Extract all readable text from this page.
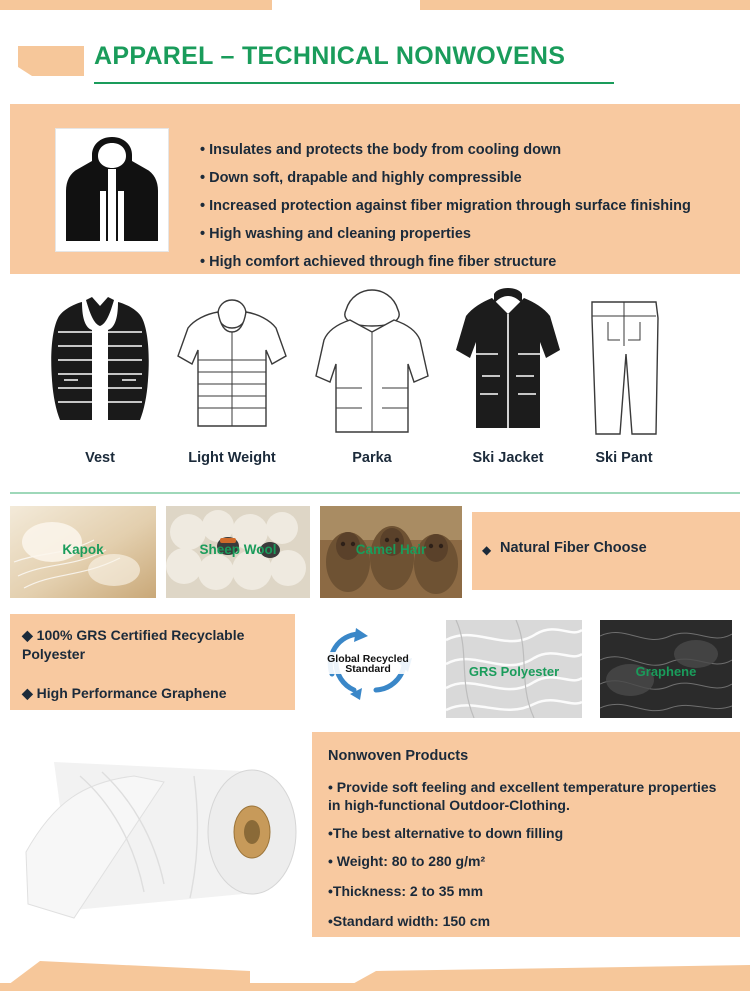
APPAREL – TECHNICAL NONWOVENS
• Insulates and protects the body from cooling down
• Down soft, drapable and highly compressible
• Increased protection against fiber migration through surface finishing
• High washing and cleaning properties
• High comfort achieved through fine fiber structure
Vest	Light Weight	Parka	Ski Jacket	Ski Pant
Kapok	Sheep Wool	Camel Hair	◆ Natural Fiber Choose
◆ 100% GRS Certified Recyclable Polyester
◆ High Performance Graphene
Global Recycled
Standard	GRS Polyester	Graphene
Nonwoven Products
• Provide soft feeling and excellent temperature properties in high-functional Outdoor-Clothing.
•The best alternative to down filling
• Weight: 80 to 280 g/m²
•Thickness: 2 to 35 mm
•Standard width: 150 cm
